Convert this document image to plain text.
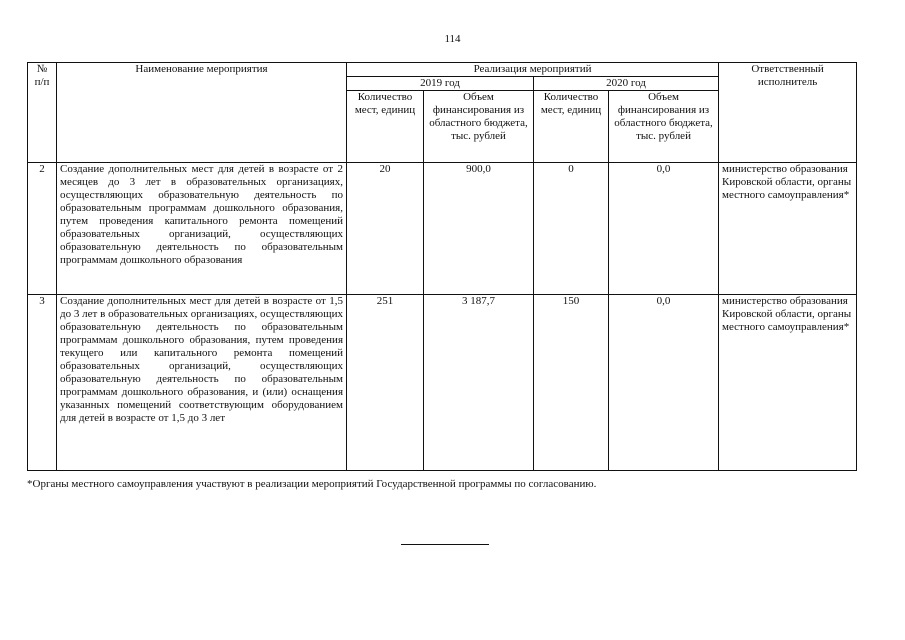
114
№ п/п	Наименование мероприятия	Реализация мероприятий				Ответственный исполнитель
		2019 год		2020 год		
		Количество мест, единиц	Объем финансирования из областного бюджета, тыс. рублей	Количество мест, единиц	Объем финансирования из областного бюджета, тыс. рублей	
2	Создание дополнительных мест для детей в возрасте от 2 месяцев до 3 лет в образовательных организациях, осуществляющих образовательную деятельность по образовательным программам дошкольного образования, путем проведения капитального ремонта помещений образовательных организаций, осуществляющих образовательную деятельность по образовательным программам дошкольного образования	20	900,0	0	0,0	министерство образования Кировской области, органы местного самоуправления*
3	Создание дополнительных мест для детей в возрасте от 1,5 до 3 лет в образовательных организациях, осуществляющих образовательную деятельность по образовательным программам дошкольного образования, путем проведения текущего или капитального ремонта помещений образовательных организаций, осуществляющих образовательную деятельность по образовательным программам дошкольного образования, и (или) оснащения указанных помещений соответствующим оборудованием для детей в возрасте от 1,5 до 3 лет	251	3 187,7	150	0,0	министерство образования Кировской области, органы местного самоуправления*
*Органы местного самоуправления участвуют в реализации мероприятий Государственной программы по согласованию.
